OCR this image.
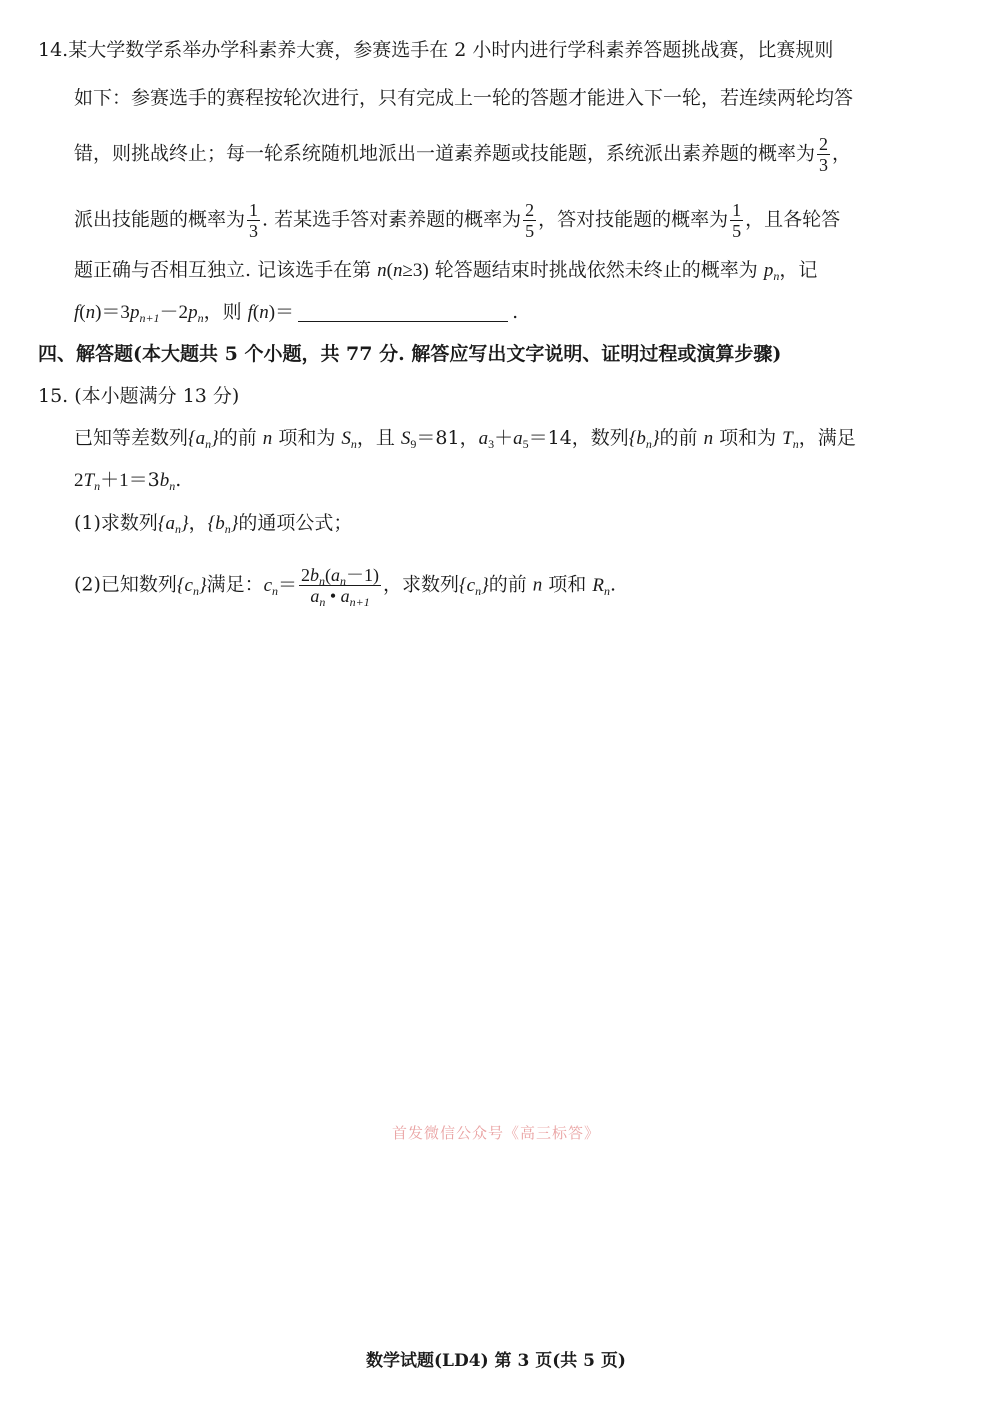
14.某大学数学系举办学科素养大赛，参赛选手在 2 小时内进行学科素养答题挑战赛，比赛规则
如下：参赛选手的赛程按轮次进行，只有完成上一轮的答题才能进入下一轮，若连续两轮均答
错，则挑战终止；每一轮系统随机地派出一道素养题或技能题，系统派出素养题的概率为 $\frac{2}{3}$ ，
派出技能题的概率为 $\frac{1}{3}$ . 若某选手答对素养题的概率为 $\frac{2}{5}$ ，答对技能题的概率为 $\frac{1}{5}$ ，且各轮答
题正确与否相互独立. 记该选手在第 n(n≥3) 轮答题结束时挑战依然未终止的概率为 $p_n$，记
$f(n)=3p_{n+1}-2p_n$，则 f(n)＝	.
四、解答题(本大题共 5 个小题，共 77 分. 解答应写出文字说明、证明过程或演算步骤)
15. (本小题满分 13 分)
已知等差数列$\{a_n\}$的前 n 项和为 $S_n$，且 $S_9=81$，$a_3+a_5=14$，数列$\{b_n\}$的前 n 项和为 $T_n$，满足
$2T_n+1=3b_n$.
(1)求数列$\{a_n\}$，$\{b_n\}$的通项公式；
(2)已知数列$\{c_n\}$满足：$c_n= \frac{2b_n(a_n-1)}{a_n • a_{n+1}}$ ，求数列$\{c_n\}$的前 n 项和 $R_n$.
首发微信公众号《高三标答》
数学试题(LD4) 第 3 页(共 5 页)
